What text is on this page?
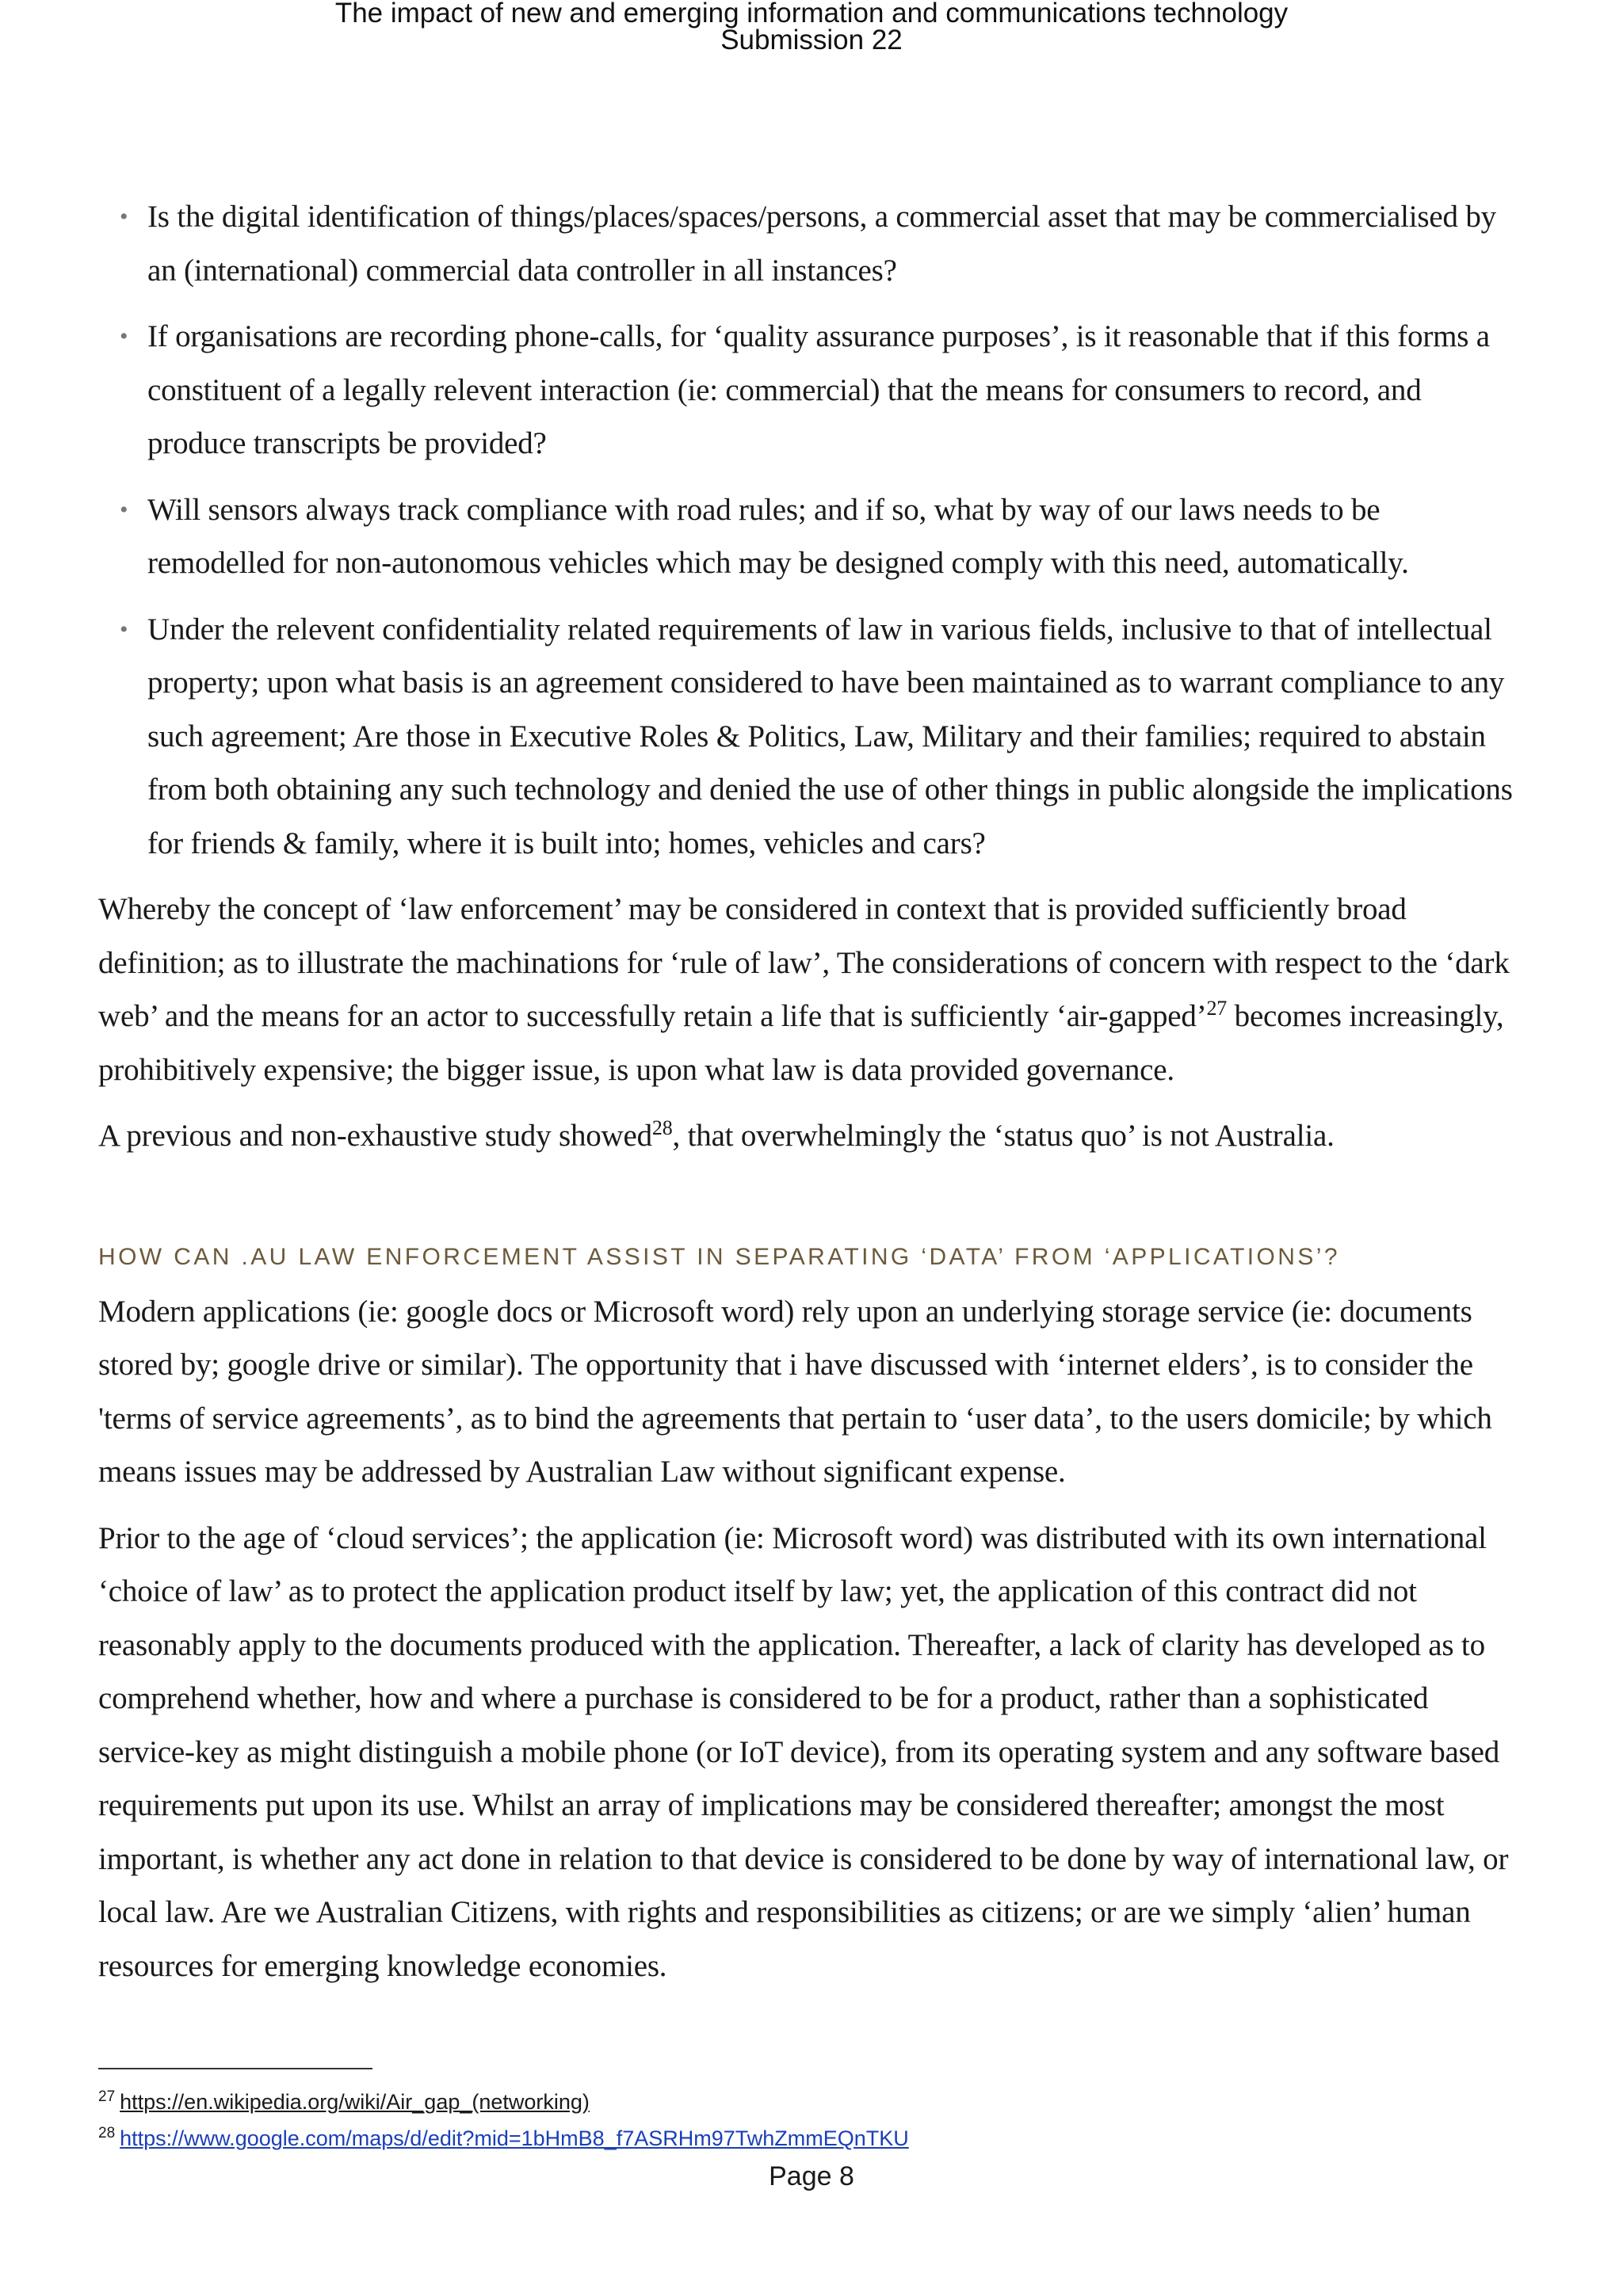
The impact of new and emerging information and communications technology
Submission 22
• Is the digital identification of things/places/spaces/persons, a commercial asset that may be commercialised by an (international) commercial data controller in all instances?
• If organisations are recording phone-calls, for ‘quality assurance purposes’, is it reasonable that if this forms a constituent of a legally relevent interaction (ie: commercial) that the means for consumers to record, and produce transcripts be provided?
• Will sensors always track compliance with road rules; and if so, what by way of our laws needs to be remodelled for non-autonomous vehicles which may be designed comply with this need, automatically.
• Under the relevent confidentiality related requirements of law in various fields, inclusive to that of intellectual property; upon what basis is an agreement considered to have been maintained as to warrant compliance to any such agreement; Are those in Executive Roles & Politics, Law, Military and their families; required to abstain from both obtaining any such technology and denied the use of other things in public alongside the implications for friends & family, where it is built into; homes, vehicles and cars?

Whereby the concept of ‘law enforcement’ may be considered in context that is provided sufficiently broad definition; as to illustrate the machinations for ‘rule of law’, The considerations of concern with respect to the ‘dark web’ and the means for an actor to successfully retain a life that is sufficiently ‘air-gapped’$^{27}$ becomes increasingly, prohibitively expensive; the bigger issue, is upon what law is data provided governance.

A previous and non-exhaustive study showed$^{28}$, that overwhelmingly the ‘status quo’ is not Australia.

HOW CAN .AU LAW ENFORCEMENT ASSIST IN SEPARATING ‘DATA’ FROM ‘APPLICATIONS’?

Modern applications (ie: google docs or Microsoft word) rely upon an underlying storage service (ie: documents stored by; google drive or similar). The opportunity that i have discussed with ‘internet elders’, is to consider the 'terms of service agreements’, as to bind the agreements that pertain to ‘user data’, to the users domicile; by which means issues may be addressed by Australian Law without significant expense.

Prior to the age of ‘cloud services’; the application (ie: Microsoft word) was distributed with its own international ‘choice of law’ as to protect the application product itself by law; yet, the application of this contract did not reasonably apply to the documents produced with the application. Thereafter, a lack of clarity has developed as to comprehend whether, how and where a purchase is considered to be for a product, rather than a sophisticated service-key as might distinguish a mobile phone (or IoT device), from its operating system and any software based requirements put upon its use. Whilst an array of implications may be considered thereafter; amongst the most important, is whether any act done in relation to that device is considered to be done by way of international law, or local law. Are we Australian Citizens, with rights and responsibilities as citizens; or are we simply ‘alien’ human resources for emerging knowledge economies.

$^{27}$ https://en.wikipedia.org/wiki/Air_gap_(networking)
$^{28}$ https://www.google.com/maps/d/edit?mid=1bHmB8_f7ASRHm97TwhZmmEQnTKU
Page 8
